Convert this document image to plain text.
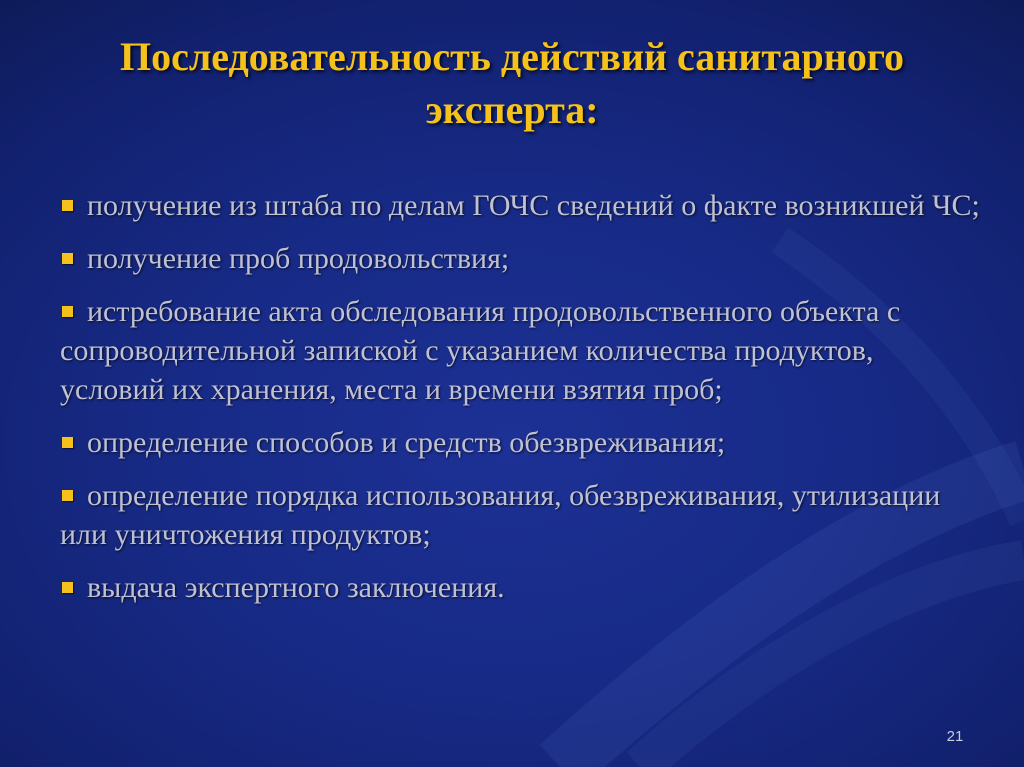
Последовательность действий санитарного эксперта:
получение из штаба по делам ГОЧС сведений о факте возникшей ЧС;
получение проб продовольствия;
истребование акта обследования продовольственного объекта с сопроводительной запиской с указанием количества продуктов, условий их хранения, места и времени взятия проб;
определение способов и средств обезвреживания;
определение порядка использования, обезвреживания, утилизации или уничтожения продуктов;
выдача экспертного заключения.
21
